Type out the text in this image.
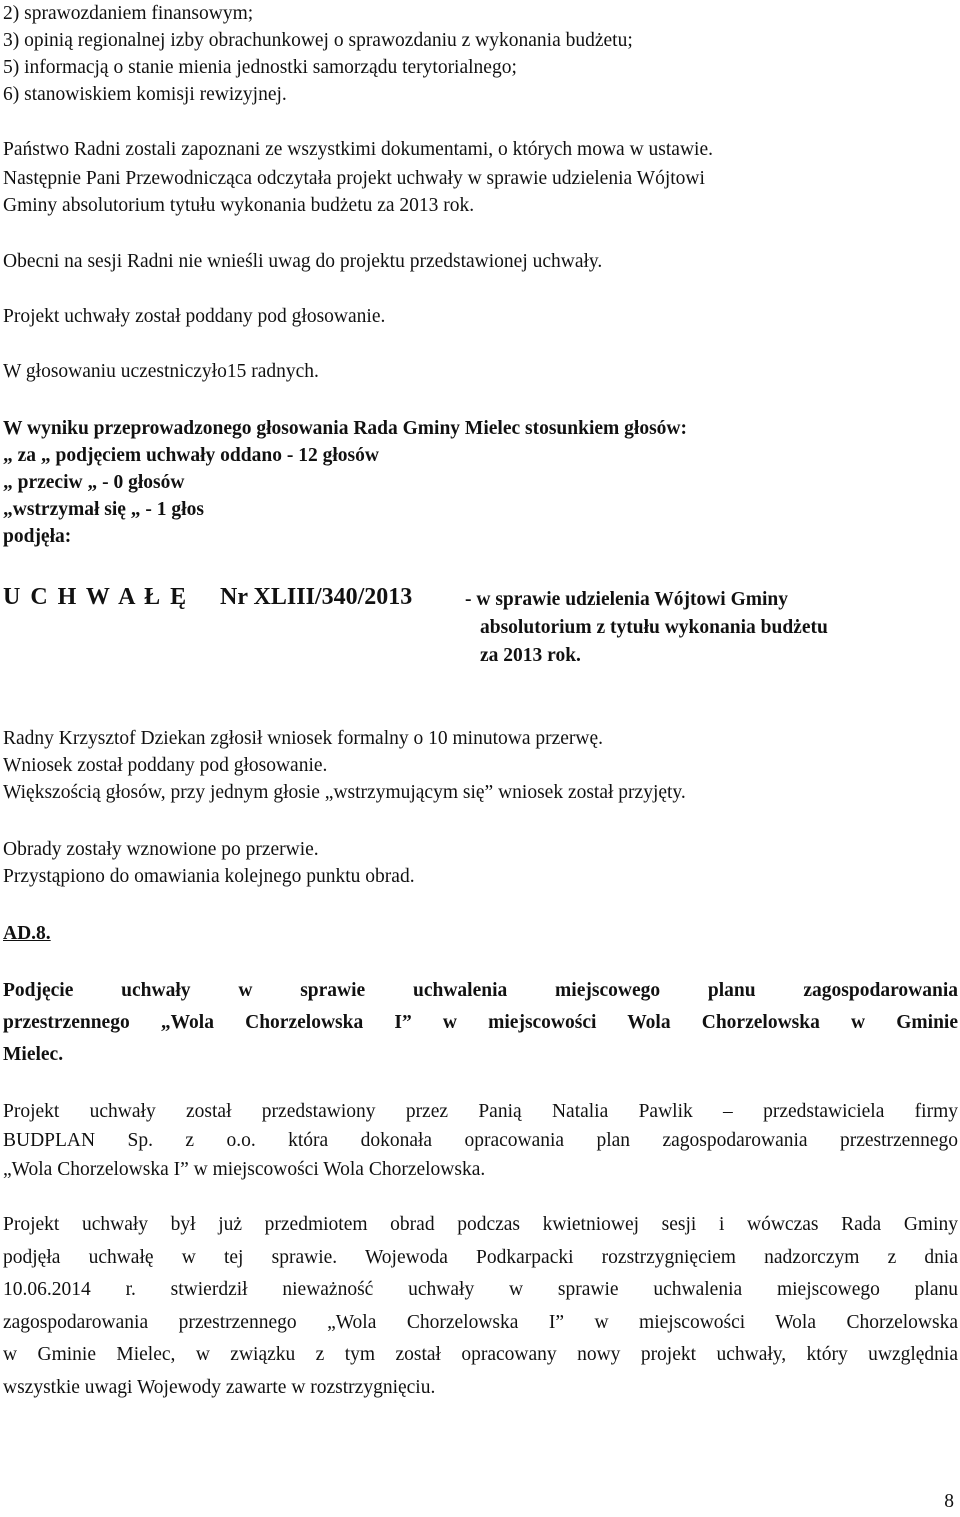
2) sprawozdaniem finansowym;
3) opinią regionalnej izby obrachunkowej o sprawozdaniu z wykonania budżetu;
5) informacją o stanie mienia jednostki samorządu terytorialnego;
6) stanowiskiem komisji rewizyjnej.
Państwo Radni zostali zapoznani ze wszystkimi dokumentami, o których mowa w ustawie.
Następnie Pani Przewodnicząca odczytała projekt uchwały w sprawie udzielenia Wójtowi
Gminy absolutorium tytułu wykonania budżetu za 2013 rok.
Obecni na sesji Radni nie wnieśli uwag do projektu przedstawionej uchwały.
Projekt uchwały został poddany pod głosowanie.
W głosowaniu uczestniczyło15 radnych.
W wyniku przeprowadzonego głosowania Rada Gminy Mielec stosunkiem głosów:
„ za „ podjęciem uchwały oddano - 12 głosów
„ przeciw „ - 0 głosów
„wstrzymał się „ - 1 głos
podjęła:
U C H W A Ł Ę Nr XLIII/340/2013	- w sprawie udzielenia Wójtowi Gminy
absolutorium z tytułu wykonania budżetu
za 2013 rok.
Radny Krzysztof Dziekan zgłosił wniosek formalny o 10 minutowa przerwę.
Wniosek został poddany pod głosowanie.
Większością głosów, przy jednym głosie „wstrzymującym się” wniosek został przyjęty.
Obrady zostały wznowione po przerwie.
Przystąpiono do omawiania kolejnego punktu obrad.
AD.8.
Podjęcie uchwały w sprawie uchwalenia miejscowego planu zagospodarowania
przestrzennego „Wola Chorzelowska I” w miejscowości Wola Chorzelowska w Gminie
Mielec.
Projekt uchwały został przedstawiony przez Panią Natalia Pawlik – przedstawiciela firmy
BUDPLAN Sp. z o.o. która dokonała opracowania plan zagospodarowania przestrzennego
„Wola Chorzelowska I” w miejscowości Wola Chorzelowska.
Projekt uchwały był już przedmiotem obrad podczas kwietniowej sesji i wówczas Rada Gminy
podjęła uchwałę w tej sprawie. Wojewoda Podkarpacki rozstrzygnięciem nadzorczym z dnia
10.06.2014 r. stwierdził nieważność uchwały w sprawie uchwalenia miejscowego planu
zagospodarowania przestrzennego „Wola Chorzelowska I” w miejscowości Wola Chorzelowska
w Gminie Mielec, w związku z tym został opracowany nowy projekt uchwały, który uwzględnia
wszystkie uwagi Wojewody zawarte w rozstrzygnięciu.
8
